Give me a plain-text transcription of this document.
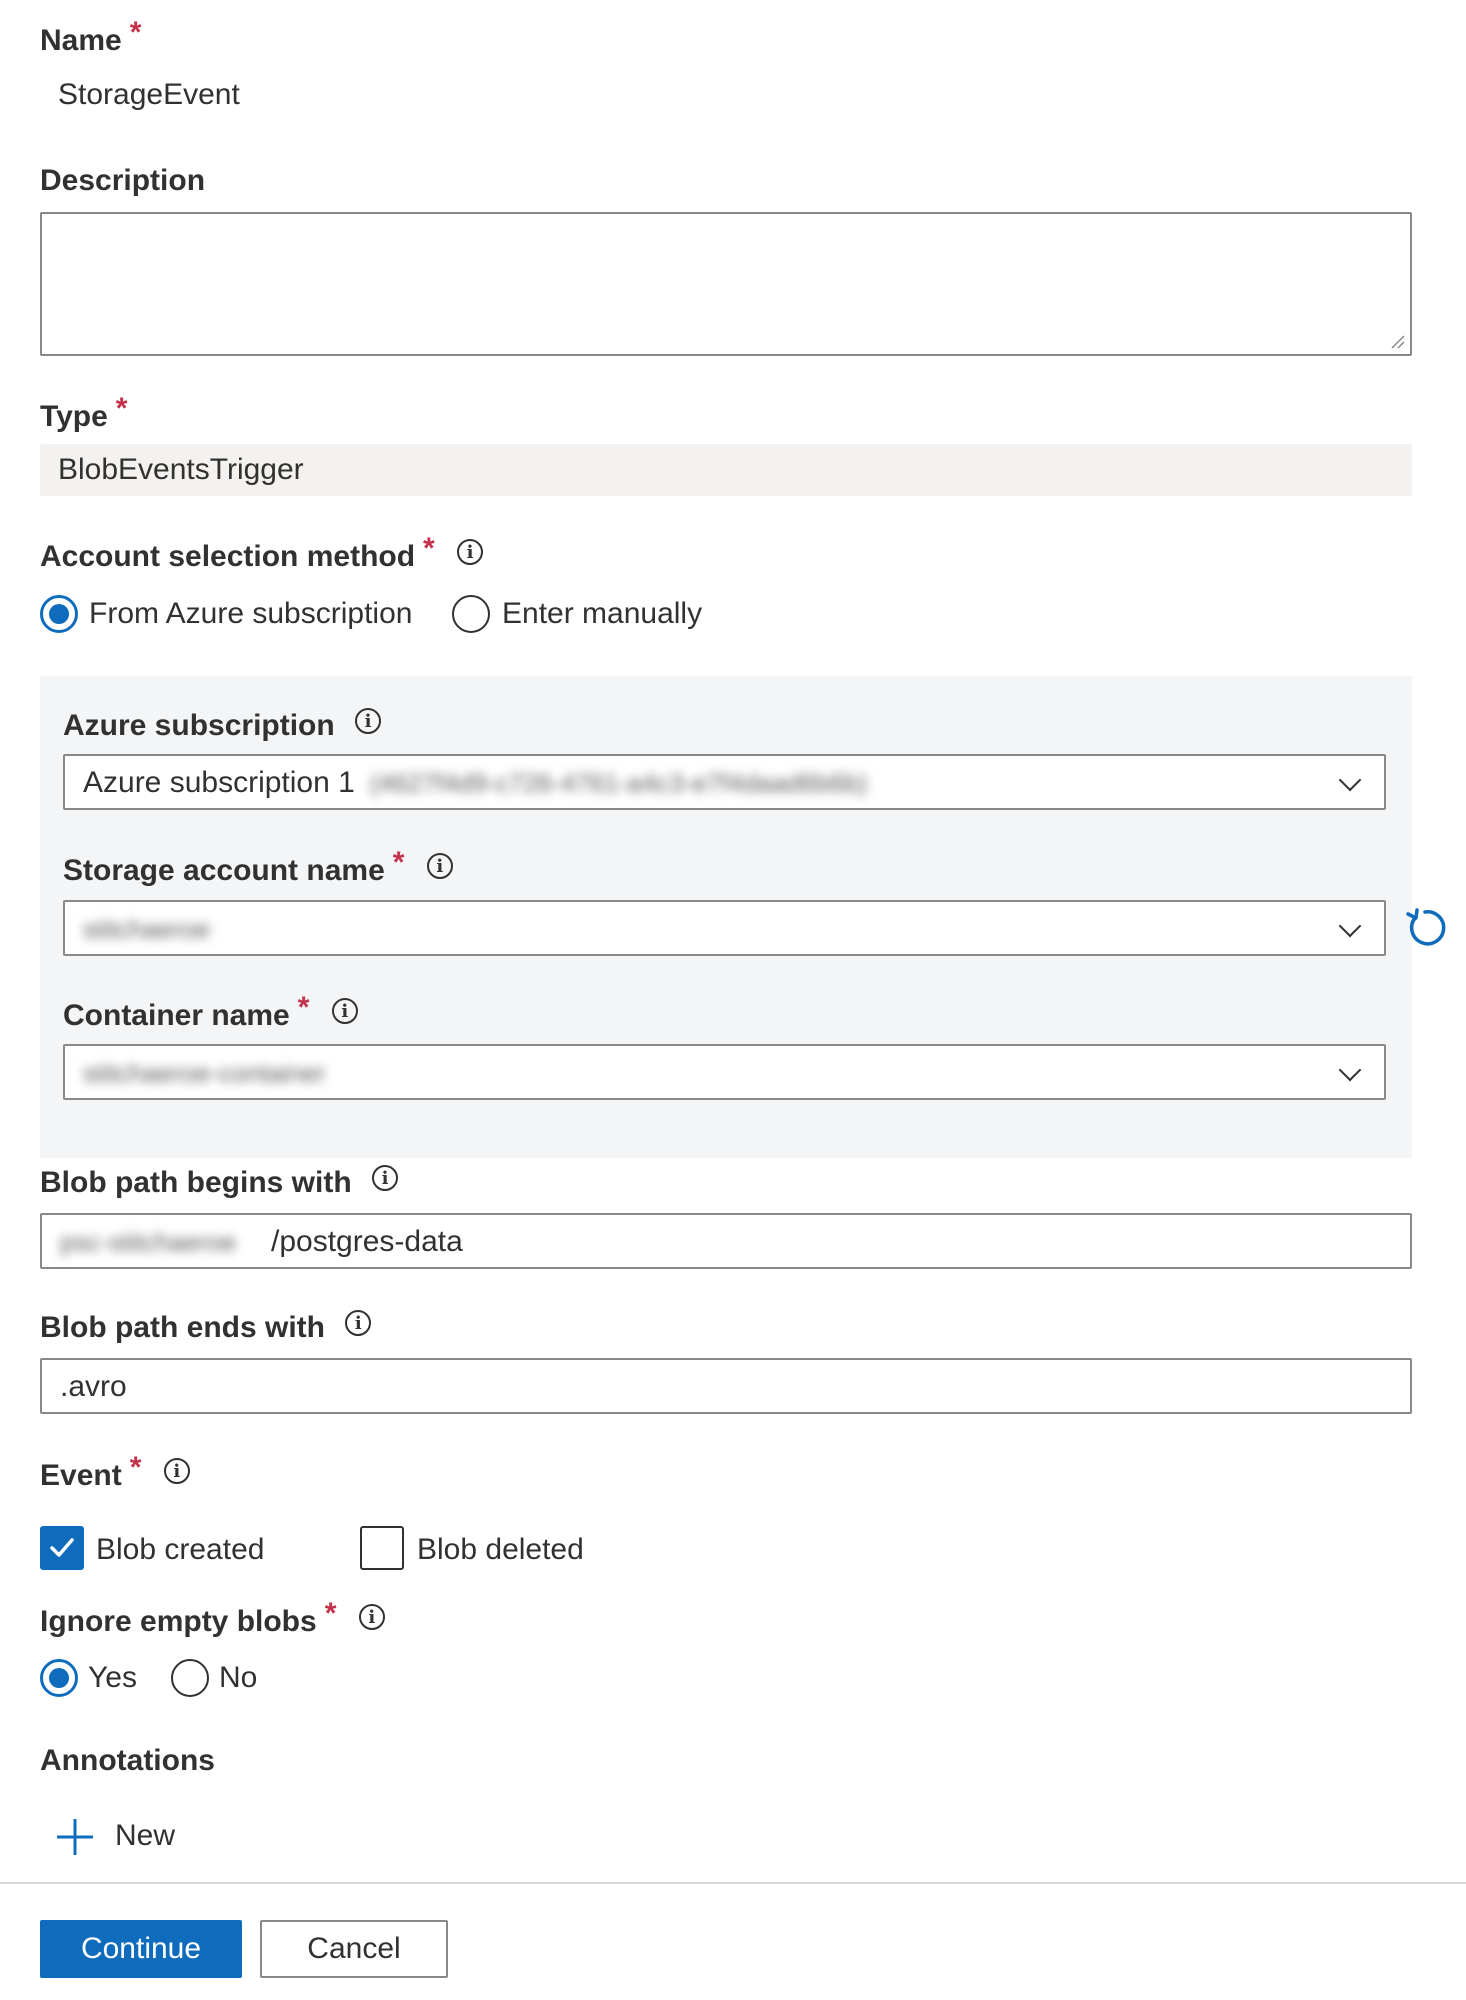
Name *
StorageEvent
Description
Type *
BlobEventsTrigger
Account selection method * i
From Azure subscription	Enter manually
Azure subscription i
Azure subscription 1 (4627f4d9-c726-4761-a4c3-e7f4daad6b6b)
Storage account name * i
stitchaeroe
Container name * i
stitchaeroe-container
Blob path begins with i
psc-stitchaeroe /postgres-data
Blob path ends with i
.avro
Event * i
Blob created	Blob deleted
Ignore empty blobs * i
Yes	No
Annotations
New
Continue	Cancel
